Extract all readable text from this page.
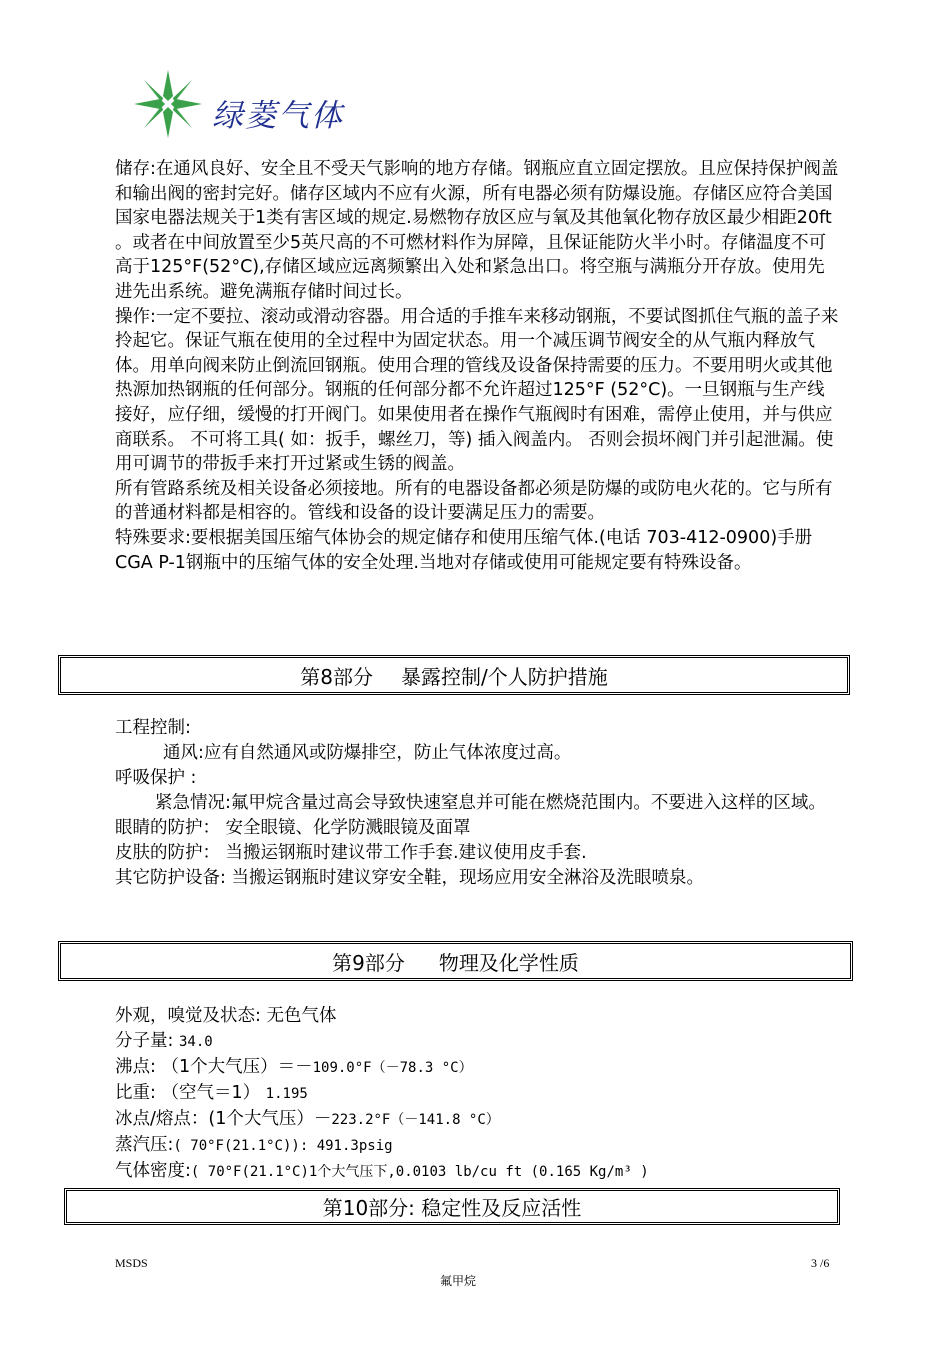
绿菱气体

储存:在通风良好、安全且不受天气影响的地方存储。钢瓶应直立固定摆放。且应保持保护阀盖和输出阀的密封完好。储存区域内不应有火源，所有电器必须有防爆设施。存储区应符合美国国家电器法规关于1类有害区域的规定.易燃物存放区应与氧及其他氧化物存放区最少相距20ft 。或者在中间放置至少5英尺高的不可燃材料作为屏障，且保证能防火半小时。存储温度不可高于125°F(52°C),存储区域应远离频繁出入处和紧急出口。将空瓶与满瓶分开存放。使用先进先出系统。避免满瓶存储时间过长。

操作:一定不要拉、滚动或滑动容器。用合适的手推车来移动钢瓶，不要试图抓住气瓶的盖子来拎起它。保证气瓶在使用的全过程中为固定状态。用一个减压调节阀安全的从气瓶内释放气体。用单向阀来防止倒流回钢瓶。使用合理的管线及设备保持需要的压力。不要用明火或其他热源加热钢瓶的任何部分。钢瓶的任何部分都不允许超过125°F (52°C)。一旦钢瓶与生产线接好，应仔细，缓慢的打开阀门。如果使用者在操作气瓶阀时有困难，需停止使用，并与供应商联系。 不可将工具( 如：扳手，螺丝刀，等) 插入阀盖内。 否则会损坏阀门并引起泄漏。使用可调节的带扳手来打开过紧或生锈的阀盖。

所有管路系统及相关设备必须接地。所有的电器设备都必须是防爆的或防电火花的。它与所有的普通材料都是相容的。管线和设备的设计要满足压力的需要。

特殊要求:要根据美国压缩气体协会的规定储存和使用压缩气体.(电话 703-412-0900)手册CGA P-1钢瓶中的压缩气体的安全处理.当地对存储或使用可能规定要有特殊设备。

第8部分 暴露控制/个人防护措施

工程控制:

通风:应有自然通风或防爆排空，防止气体浓度过高。

呼吸保护 :

紧急情况:氟甲烷含量过高会导致快速窒息并可能在燃烧范围内。不要进入这样的区域。

眼睛的防护： 安全眼镜、化学防溅眼镜及面罩

皮肤的防护： 当搬运钢瓶时建议带工作手套.建议使用皮手套.

其它防护设备: 当搬运钢瓶时建议穿安全鞋，现场应用安全淋浴及洗眼喷泉。

第9部分 物理及化学性质

外观，嗅觉及状态: 无色气体

分子量: 34.0

沸点: （1个大气压）＝－109.0°F（－78.3 °C）

比重: （空气＝1） 1.195

冰点/熔点：(1个大气压）－223.2°F（－141.8 °C）

蒸汽压:( 70°F(21.1°C)): 491.3psig

气体密度:( 70°F(21.1°C)1个大气压下,0.0103 lb/cu ft (0.165 Kg/m³ )

第10部分: 稳定性及反应活性
MSDS	3 /6
氟甲烷
